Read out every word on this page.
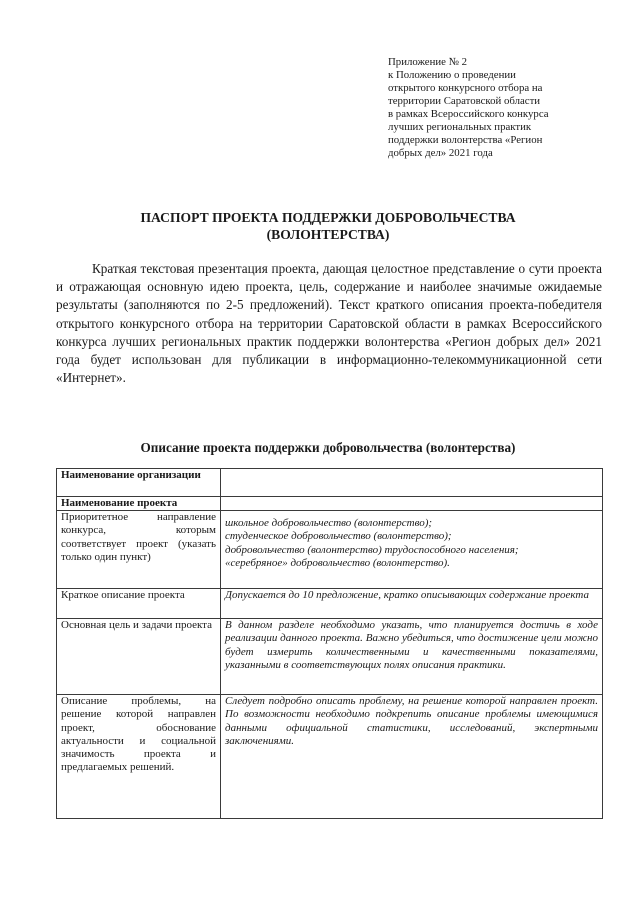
Приложение № 2
к Положению о проведении
открытого конкурсного отбора на
территории Саратовской области
в рамках Всероссийского конкурса
лучших региональных практик
поддержки волонтерства «Регион
добрых дел» 2021 года
ПАСПОРТ ПРОЕКТА ПОДДЕРЖКИ ДОБРОВОЛЬЧЕСТВА
(ВОЛОНТЕРСТВА)
Краткая текстовая презентация проекта, дающая целостное представление о сути проекта и отражающая основную идею проекта, цель, содержание и наиболее значимые ожидаемые результаты (заполняются по 2-5 предложений). Текст краткого описания проекта-победителя открытого конкурсного отбора на территории Саратовской области в рамках Всероссийского конкурса лучших региональных практик поддержки волонтерства «Регион добрых дел» 2021 года будет использован для публикации в информационно-телекоммуникационной сети «Интернет».
Описание проекта поддержки добровольчества (волонтерства)
Наименование организации	
Наименование проекта	
Приоритетное направление конкурса, которым соответствует проект (указать только один пункт)	школьное добровольчество (волонтерство);
студенческое добровольчество (волонтерство);
добровольчество (волонтерство) трудоспособного населения;
«серебряное» добровольчество (волонтерство).

Краткое описание проекта	Допускается до 10 предложение, кратко описывающих содержание проекта
Основная цель и задачи проекта	В данном разделе необходимо указать, что планируется достичь в ходе реализации данного проекта. Важно убедиться, что достижение цели можно будет измерить количественными и качественными показателями, указанными в соответствующих полях описания практики.
Описание проблемы, на решение которой направлен проект, обоснование актуальности и социальной значимость проекта и предлагаемых решений.	Следует подробно описать проблему, на решение которой направлен проект. По возможности необходимо подкрепить описание проблемы имеющимися данными официальной статистики, исследований, экспертными заключениями.
